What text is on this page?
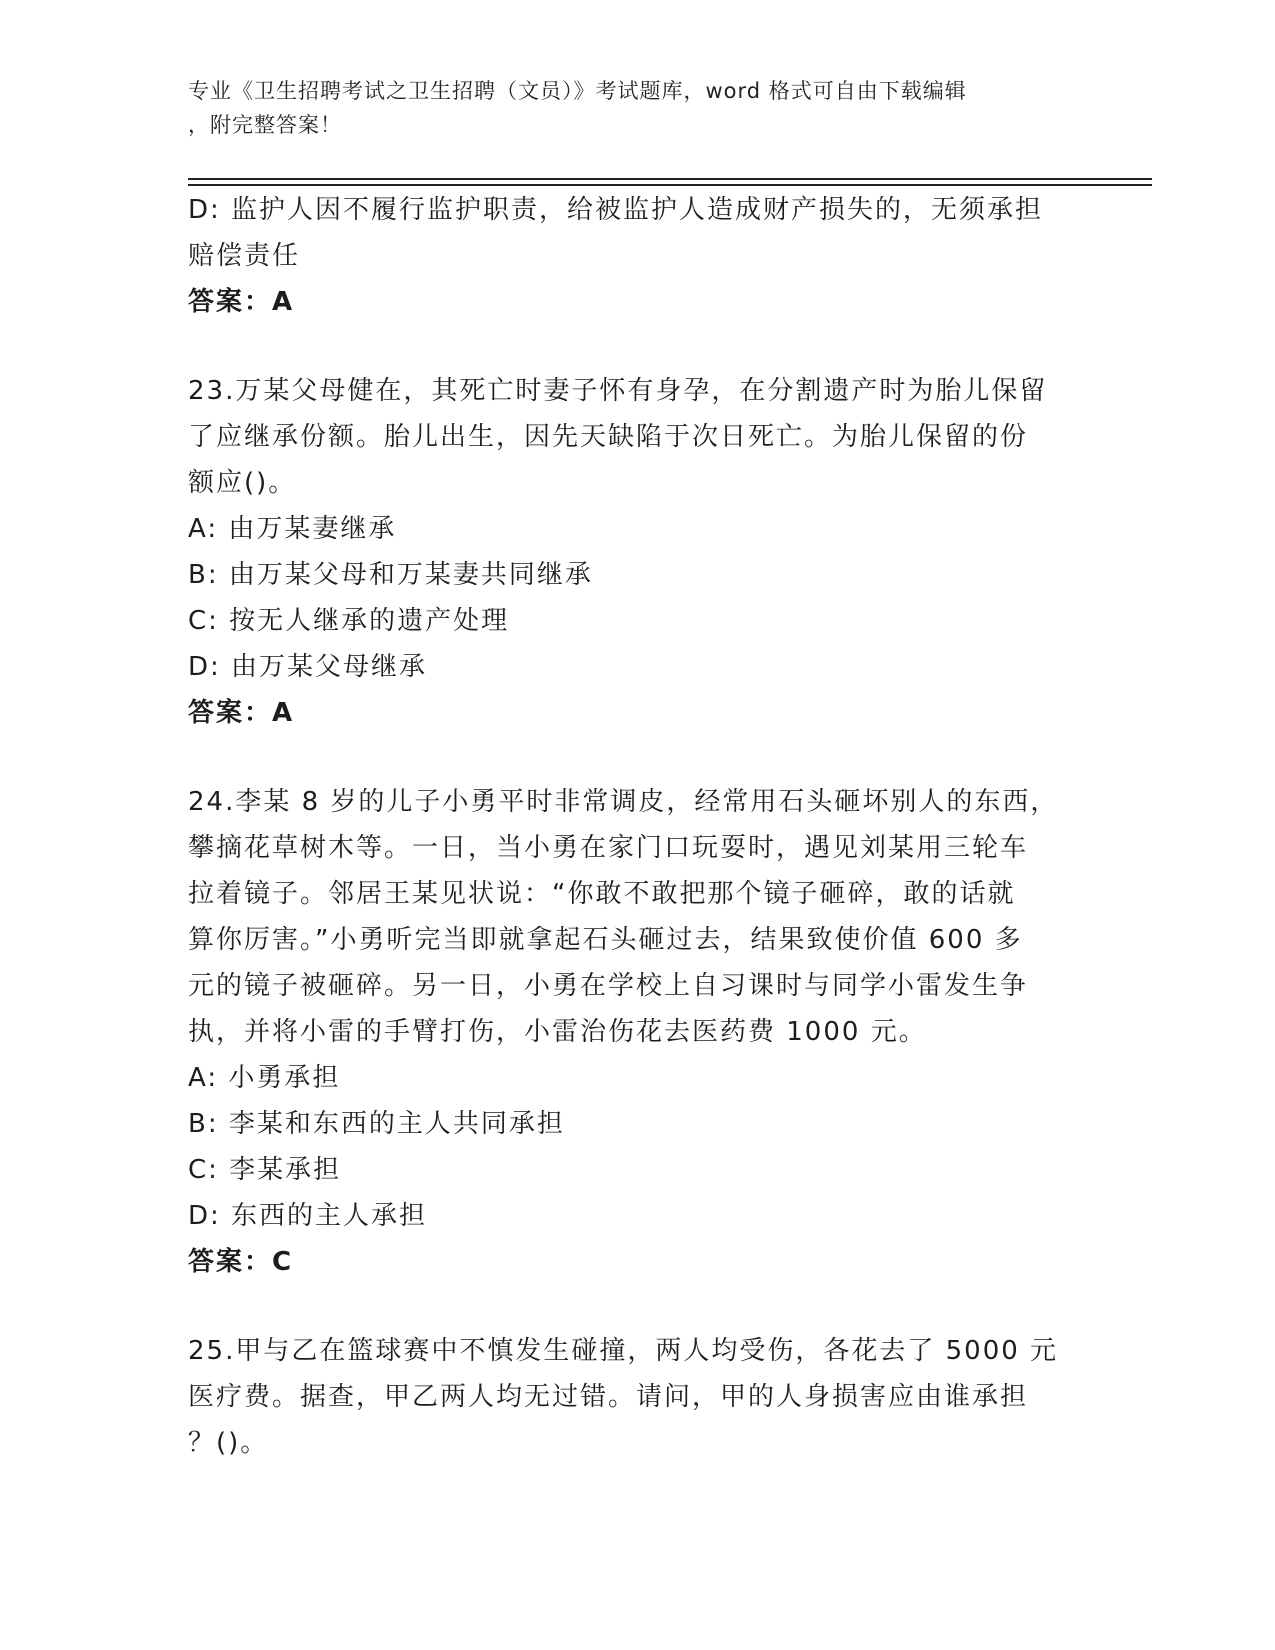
专业《卫生招聘考试之卫生招聘（文员）》考试题库，word 格式可自由下载编辑
，附完整答案！
D: 监护人因不履行监护职责，给被监护人造成财产损失的，无须承担
赔偿责任
答案：A
23.万某父母健在，其死亡时妻子怀有身孕，在分割遗产时为胎儿保留
了应继承份额。胎儿出生，因先天缺陷于次日死亡。为胎儿保留的份
额应()。
A: 由万某妻继承
B: 由万某父母和万某妻共同继承
C: 按无人继承的遗产处理
D: 由万某父母继承
答案：A
24.李某 8 岁的儿子小勇平时非常调皮，经常用石头砸坏别人的东西，
攀摘花草树木等。一日，当小勇在家门口玩耍时，遇见刘某用三轮车
拉着镜子。邻居王某见状说：“你敢不敢把那个镜子砸碎，敢的话就
算你厉害。”小勇听完当即就拿起石头砸过去，结果致使价值 600 多
元的镜子被砸碎。另一日，小勇在学校上自习课时与同学小雷发生争
执，并将小雷的手臂打伤，小雷治伤花去医药费 1000 元。
A: 小勇承担
B: 李某和东西的主人共同承担
C: 李某承担
D: 东西的主人承担
答案：C
25.甲与乙在篮球赛中不慎发生碰撞，两人均受伤，各花去了 5000 元
医疗费。据查，甲乙两人均无过错。请问，甲的人身损害应由谁承担
？()。
